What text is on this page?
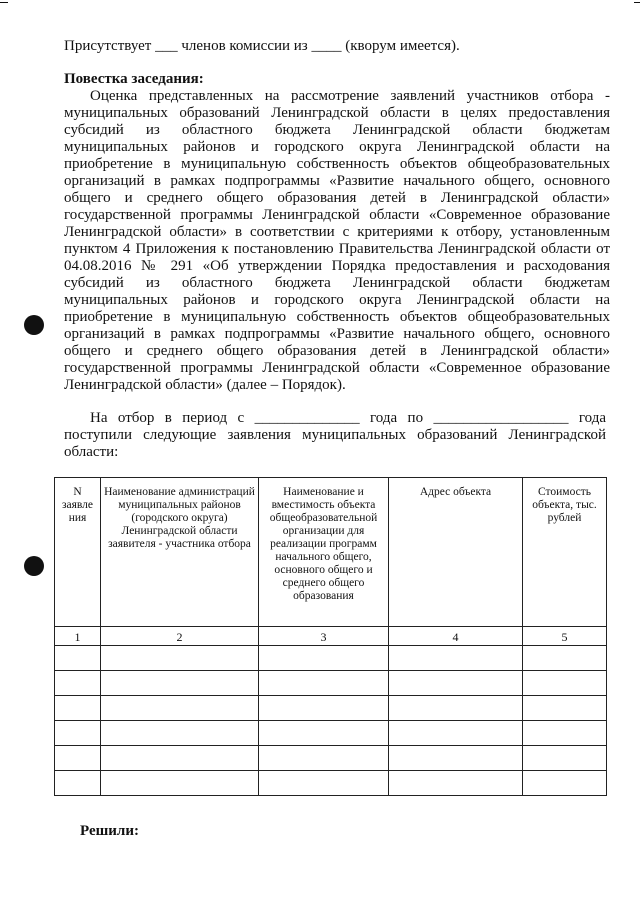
Присутствует ___ членов комиссии из ____ (кворум имеется).
Повестка заседания:
Оценка представленных на рассмотрение заявлений участников отбора -
муниципальных образований Ленинградской области в целях предоставления
субсидий из областного бюджета Ленинградской области бюджетам
муниципальных районов и городского округа Ленинградской области на
приобретение в муниципальную собственность объектов общеобразовательных
организаций в рамках подпрограммы «Развитие начального общего, основного
общего и среднего общего образования детей в Ленинградской области»
государственной программы Ленинградской области «Современное образование
Ленинградской области» в соответствии с критериями к отбору, установленным
пунктом 4 Приложения к постановлению Правительства Ленинградской области от
04.08.2016 № 291 «Об утверждении Порядка предоставления и расходования
субсидий из областного бюджета Ленинградской области бюджетам
муниципальных районов и городского округа Ленинградской области на
приобретение в муниципальную собственность объектов общеобразовательных
организаций в рамках подпрограммы «Развитие начального общего, основного
общего и среднего общего образования детей в Ленинградской области»
государственной программы Ленинградской области «Современное образование
Ленинградской области» (далее – Порядок).
На отбор в период с ______________ года по __________________ года
поступили следующие заявления муниципальных образований Ленинградской
области:
N заявле ния	Наименование администраций муниципальных районов (городского округа) Ленинградской области заявителя - участника отбора	Наименование и вместимость объекта общеобразовательной организации для реализации программ начального общего, основного общего и среднего общего образования	Адрес объекта	Стоимость объекта, тыс. рублей
1	2	3	4	5

Решили:
